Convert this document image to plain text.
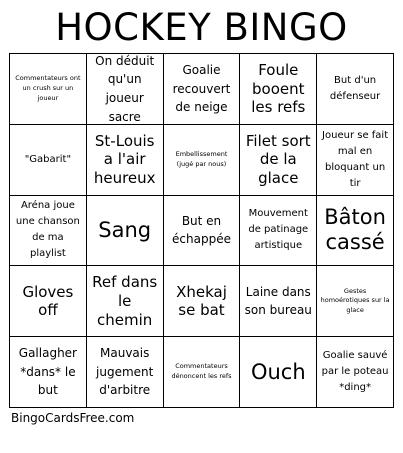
HOCKEY BINGO
Commentateurs ont un crush sur un joueur
On déduit qu'un joueur sacre
Goalie recouvert de neige
Foule booent les refs
But d'un défenseur
"Gabarit"
St-Louis a l'air heureux
Embellissement (jugé par nous)
Filet sort de la glace
Joueur se fait mal en bloquant un tir
Aréna joue une chanson de ma playlist
Sang	But en échappée
Mouvement de patinage artistique
Bâton cassé
Gloves off
Ref dans le chemin
Xhekaj se bat
Laine dans son bureau
Gestes homoérotiques sur la glace
Gallagher *dans* le but
Mauvais jugement d'arbitre
Commentateurs dénoncent les refs Ouch
Goalie sauvé par le poteau *ding*
BingoCardsFree.com
